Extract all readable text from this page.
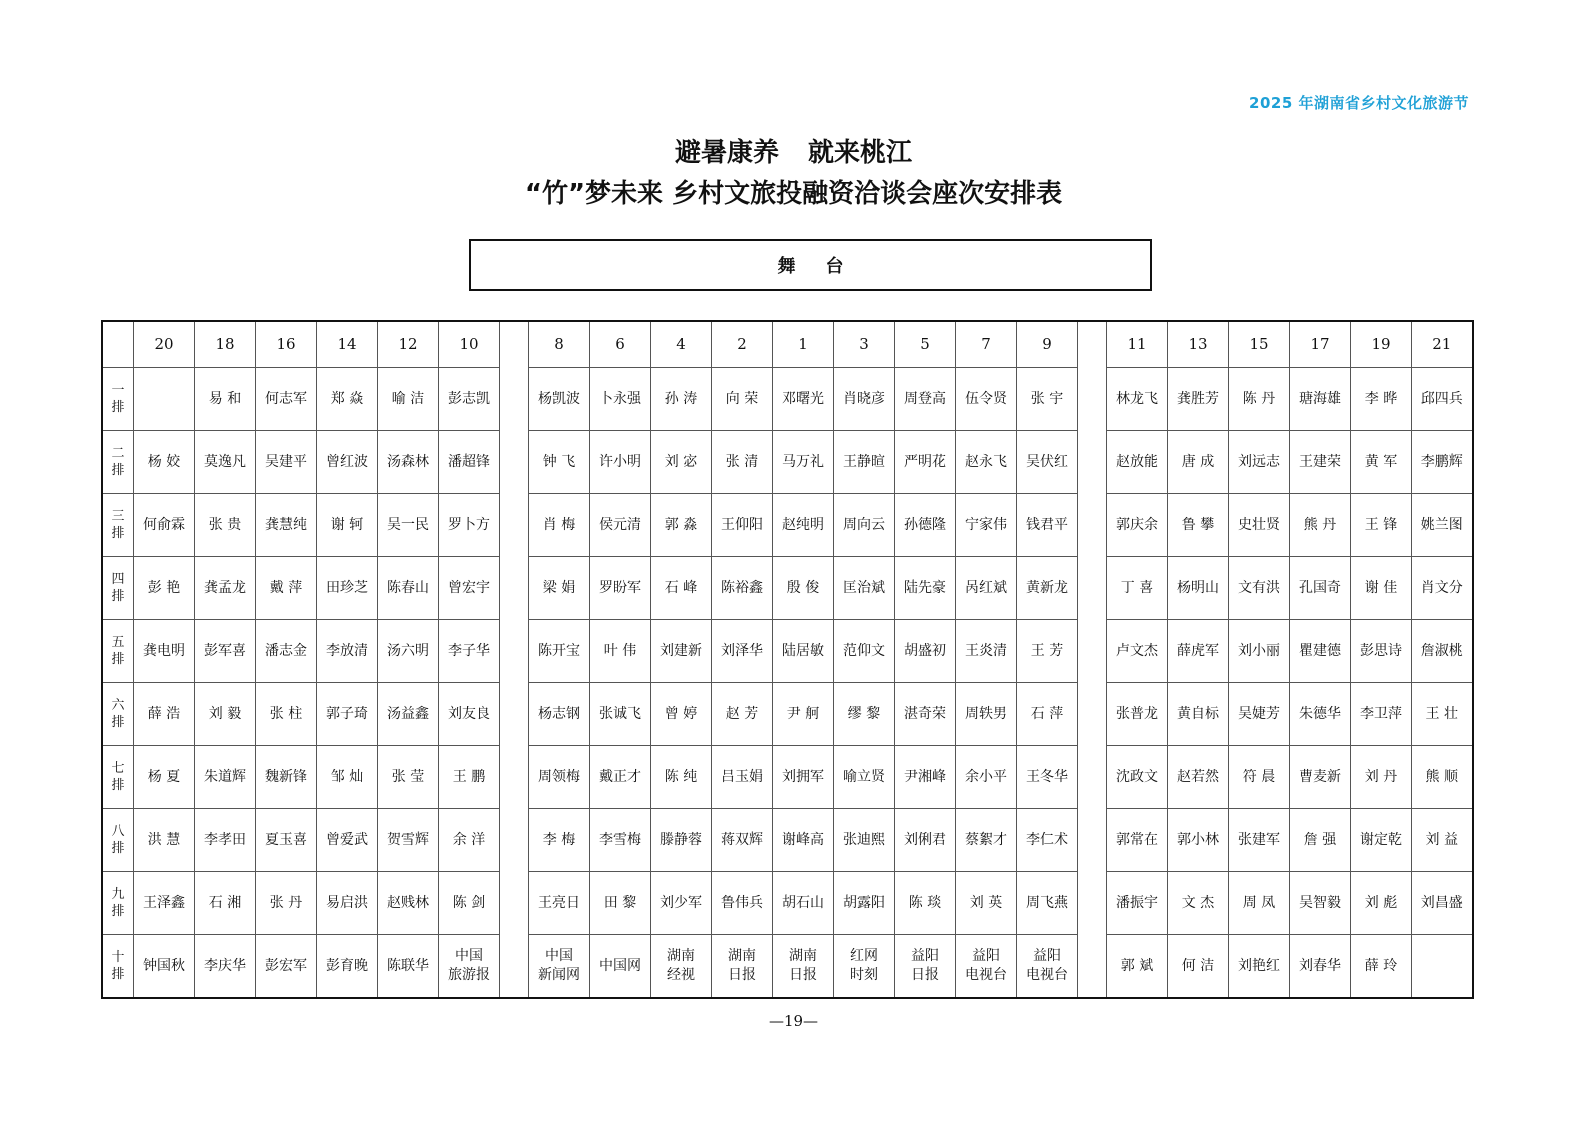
2025 年湖南省乡村文化旅游节
避暑康养 就来桃江
“竹”梦未来 乡村文旅投融资洽谈会座次安排表
舞台
	20	18	16	14	12	10		8	6	4	2	1	3	5	7	9		11	13	15	17	19	21

一
排		易 和	何志军	郑 焱	喻 洁	彭志凯		杨凯波	卜永强	孙 涛	向 荣	邓曙光	肖晓彦	周登高	伍令贤	张 宇		林龙飞	龚胜芳	陈 丹	瑭海雄	李 晔	邱四兵

二
排	杨 姣	莫逸凡	吴建平	曾红波	汤森林	潘超锋		钟 飞	许小明	刘 宓	张 清	马万礼	王静暄	严明花	赵永飞	吴伏红		赵放能	唐 成	刘远志	王建荣	黄 军	李鹏辉

三
排	何俞霖	张 贵	龚慧纯	谢 轲	吴一民	罗卜方		肖 梅	侯元清	郭 淼	王仰阳	赵纯明	周向云	孙德隆	宁家伟	钱君平		郭庆余	鲁 攀	史壮贤	熊 丹	王 锋	姚兰图

四
排	彭 艳	龚孟龙	戴 萍	田珍芝	陈春山	曾宏宇		梁 娟	罗盼军	石 峰	陈裕鑫	殷 俊	匡治斌	陆先豪	呙红斌	黄新龙		丁 喜	杨明山	文有洪	孔国奇	谢 佳	肖文分

五
排	龚电明	彭军喜	潘志金	李放清	汤六明	李子华		陈开宝	叶 伟	刘建新	刘泽华	陆居敏	范仰文	胡盛初	王炎清	王 芳		卢文杰	薛虎军	刘小丽	瞿建德	彭思诗	詹淑桃

六
排	薛 浩	刘 毅	张 柱	郭子琦	汤益鑫	刘友良		杨志钢	张诚飞	曾 婷	赵 芳	尹 舸	缪 黎	湛奇荣	周轶男	石 萍		张普龙	黄自标	吴婕芳	朱德华	李卫萍	王 壮

七
排	杨 夏	朱道辉	魏新锋	邹 灿	张 莹	王 鹏		周领梅	戴正才	陈 纯	吕玉娟	刘拥军	喻立贤	尹湘峰	余小平	王冬华		沈政文	赵若然	符 晨	曹麦新	刘 丹	熊 顺

八
排	洪 慧	李孝田	夏玉喜	曾爱武	贺雪辉	余 洋		李 梅	李雪梅	滕静蓉	蒋双辉	谢峰高	张迪熙	刘俐君	蔡絮才	李仁术		郭常在	郭小林	张建军	詹 强	谢定乾	刘 益

九
排	王泽鑫	石 湘	张 丹	易启洪	赵贱林	陈 剑		王亮日	田 黎	刘少军	鲁伟兵	胡石山	胡露阳	陈 琰	刘 英	周飞燕		潘振宇	文 杰	周 凤	吴智毅	刘 彪	刘昌盛

十
排	钟国秋	李庆华	彭宏军	彭育晚	陈联华	中国
旅游报		中国
新闻网	中国网	湖南
经视	湖南
日报	湖南
日报	红网
时刻	益阳
日报	益阳
电视台	益阳
电视台		郭 斌	何 洁	刘艳红	刘春华	薛 玲	
—19—
